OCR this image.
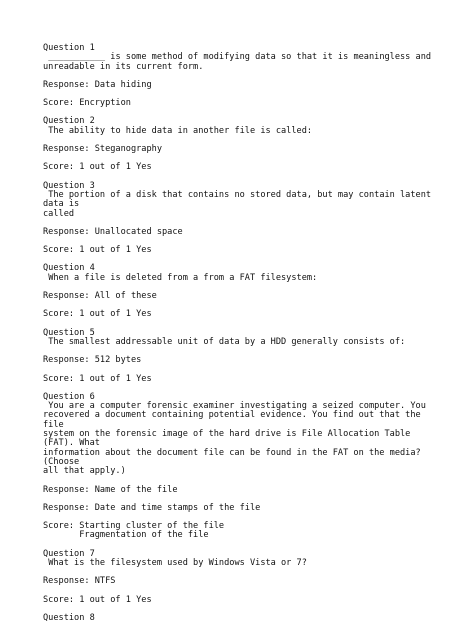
Question 1
___________ is some method of modifying data so that it is meaningless and
unreadable in its current form.
Response: Data hiding
Score: Encryption
Question 2
The ability to hide data in another file is called:
Response: Steganography
Score: 1 out of 1 Yes
Question 3
The portion of a disk that contains no stored data, but may contain latent data is
called
Response: Unallocated space
Score: 1 out of 1 Yes
Question 4
When a file is deleted from a from a FAT filesystem:
Response: All of these
Score: 1 out of 1 Yes
Question 5
The smallest addressable unit of data by a HDD generally consists of:
Response: 512 bytes
Score: 1 out of 1 Yes
Question 6
You are a computer forensic examiner investigating a seized computer. You
recovered a document containing potential evidence. You find out that the file
system on the forensic image of the hard drive is File Allocation Table (FAT). What
information about the document file can be found in the FAT on the media? (Choose
all that apply.)
Response: Name of the file
Response: Date and time stamps of the file
Score: Starting cluster of the file
Fragmentation of the file
Question 7
What is the filesystem used by Windows Vista or 7?
Response: NTFS
Score: 1 out of 1 Yes
Question 8
